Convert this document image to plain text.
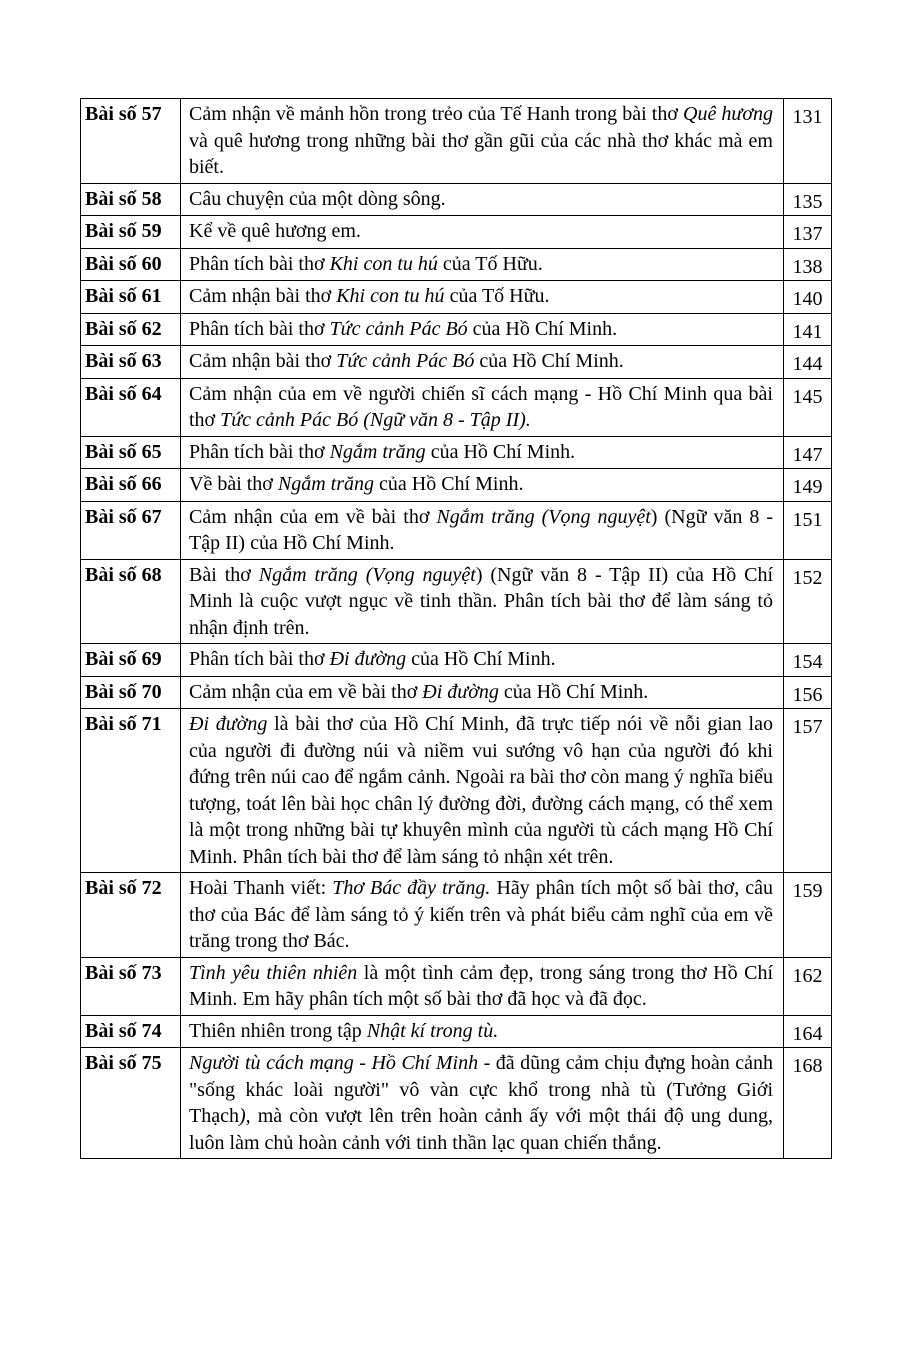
Bài số 57	Cảm nhận về mảnh hồn trong trẻo của Tế Hanh trong bài thơ Quê hương và quê hương trong những bài thơ gần gũi của các nhà thơ khác mà em biết.	131
Bài số 58	Câu chuyện của một dòng sông.	135
Bài số 59	Kể về quê hương em.	137
Bài số 60	Phân tích bài thơ Khi con tu hú của Tố Hữu.	138
Bài số 61	Cảm nhận bài thơ Khi con tu hú của Tố Hữu.	140
Bài số 62	Phân tích bài thơ Tức cảnh Pác Bó của Hồ Chí Minh.	141
Bài số 63	Cảm nhận bài thơ Tức cảnh Pác Bó của Hồ Chí Minh.	144
Bài số 64	Cảm nhận của em về người chiến sĩ cách mạng - Hồ Chí Minh qua bài thơ Tức cảnh Pác Bó (Ngữ văn 8 - Tập II).	145
Bài số 65	Phân tích bài thơ Ngắm trăng của Hồ Chí Minh.	147
Bài số 66	Về bài thơ Ngắm trăng của Hồ Chí Minh.	149
Bài số 67	Cảm nhận của em về bài thơ Ngắm trăng (Vọng nguyệt) (Ngữ văn 8 - Tập II) của Hồ Chí Minh.	151
Bài số 68	Bài thơ Ngắm trăng (Vọng nguyệt) (Ngữ văn 8 - Tập II) của Hồ Chí Minh là cuộc vượt ngục về tinh thần. Phân tích bài thơ để làm sáng tỏ nhận định trên.	152
Bài số 69	Phân tích bài thơ Đi đường của Hồ Chí Minh.	154
Bài số 70	Cảm nhận của em về bài thơ Đi đường của Hồ Chí Minh.	156
Bài số 71	Đi đường là bài thơ của Hồ Chí Minh, đã trực tiếp nói về nỗi gian lao của người đi đường núi và niềm vui sướng vô hạn của người đó khi đứng trên núi cao để ngắm cảnh. Ngoài ra bài thơ còn mang ý nghĩa biểu tượng, toát lên bài học chân lý đường đời, đường cách mạng, có thể xem là một trong những bài tự khuyên mình của người tù cách mạng Hồ Chí Minh. Phân tích bài thơ để làm sáng tỏ nhận xét trên.	157
Bài số 72	Hoài Thanh viết: Thơ Bác đầy trăng. Hãy phân tích một số bài thơ, câu thơ của Bác để làm sáng tỏ ý kiến trên và phát biểu cảm nghĩ của em về trăng trong thơ Bác.	159
Bài số 73	Tình yêu thiên nhiên là một tình cảm đẹp, trong sáng trong thơ Hồ Chí Minh. Em hãy phân tích một số bài thơ đã học và đã đọc.	162
Bài số 74	Thiên nhiên trong tập Nhật kí trong tù.	164
Bài số 75	Người tù cách mạng - Hồ Chí Minh - đã dũng cảm chịu đựng hoàn cảnh "sống khác loài người" vô vàn cực khổ trong nhà tù (Tưởng Giới Thạch), mà còn vượt lên trên hoàn cảnh ấy với một thái độ ung dung, luôn làm chủ hoàn cảnh với tinh thần lạc quan chiến thắng.	168
